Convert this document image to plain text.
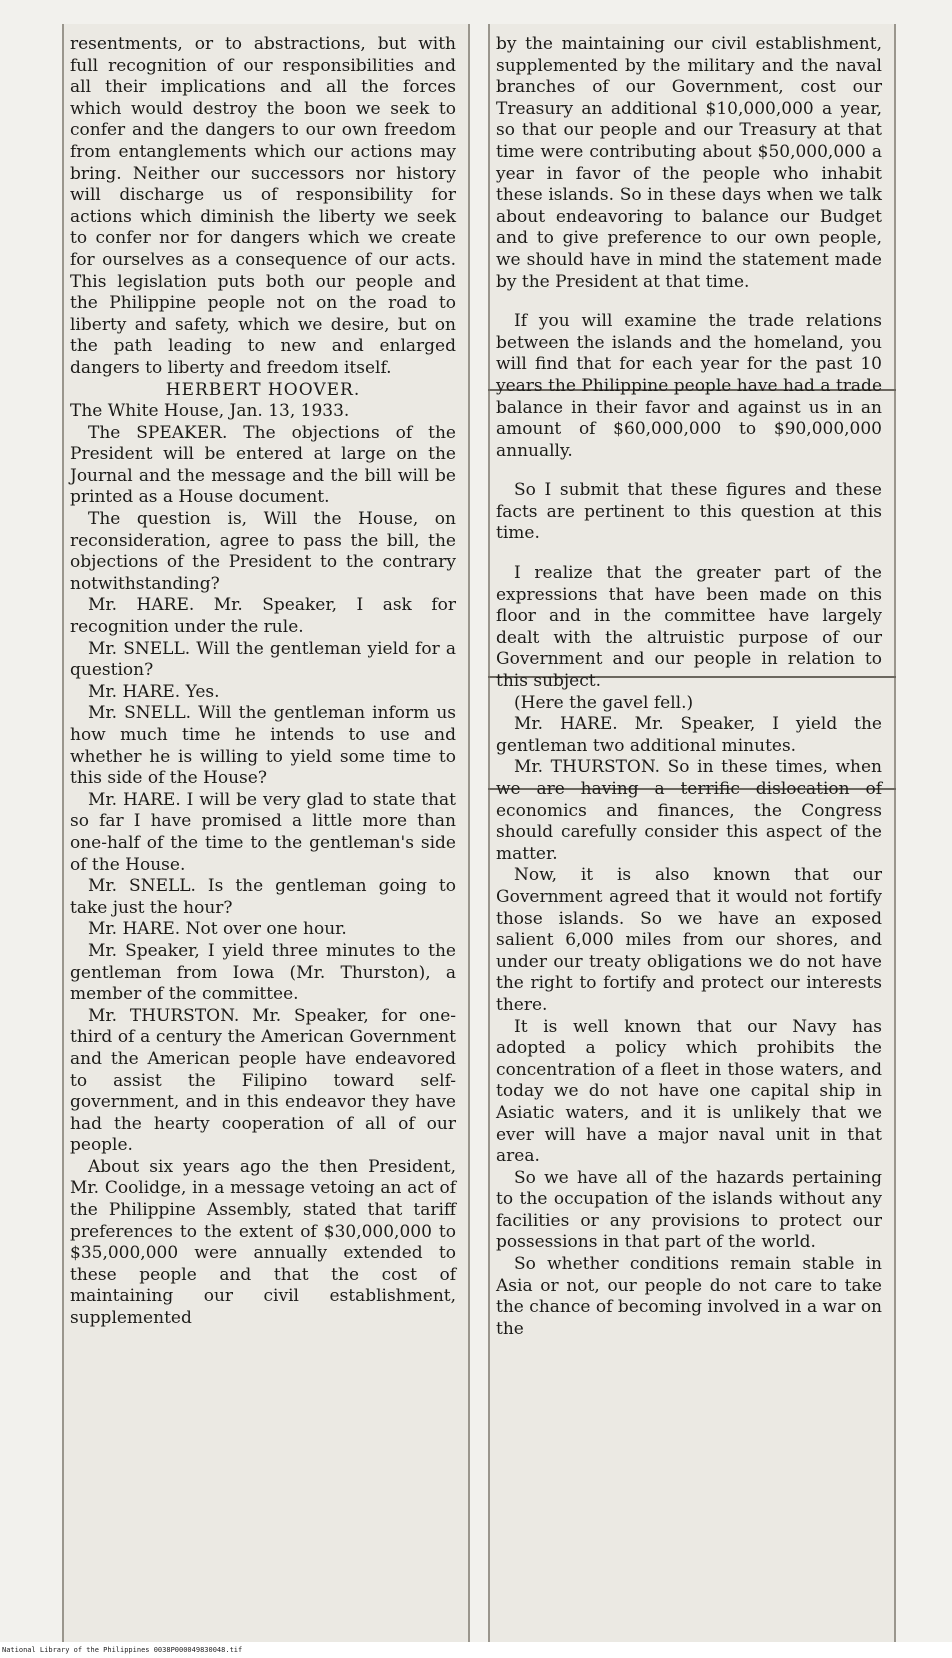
resentments, or to abstractions, but with full recognition of our responsibilities and all their implications and all the forces which would destroy the boon we seek to confer and the dangers to our own freedom from entanglements which our actions may bring. Neither our successors nor history will discharge us of responsibility for actions which diminish the liberty we seek to confer nor for dangers which we create for ourselves as a consequence of our acts. This legislation puts both our people and the Philippine people not on the road to liberty and safety, which we desire, but on the path leading to new and enlarged dangers to liberty and freedom itself.

HERBERT HOOVER.

The White House, Jan. 13, 1933.

The SPEAKER. The objections of the President will be entered at large on the Journal and the message and the bill will be printed as a House document.

The question is, Will the House, on reconsideration, agree to pass the bill, the objections of the President to the contrary notwithstanding?

Mr. HARE. Mr. Speaker, I ask for recognition under the rule.

Mr. SNELL. Will the gentleman yield for a question?

Mr. HARE. Yes.

Mr. SNELL. Will the gentleman inform us how much time he intends to use and whether he is willing to yield some time to this side of the House?

Mr. HARE. I will be very glad to state that so far I have promised a little more than one-half of the time to the gentleman's side of the House.

Mr. SNELL. Is the gentleman going to take just the hour?

Mr. HARE. Not over one hour.

Mr. Speaker, I yield three minutes to the gentleman from Iowa (Mr. Thurston), a member of the committee.

Mr. THURSTON. Mr. Speaker, for one-third of a century the American Government and the American people have endeavored to assist the Filipino toward self-government, and in this endeavor they have had the hearty cooperation of all of our people.

About six years ago the then President, Mr. Coolidge, in a message vetoing an act of the Philippine Assembly, stated that tariff preferences to the extent of $30,000,000 to $35,000,000 were annually extended to these people and that the cost of maintaining our civil establishment, supplemented

by the maintaining our civil establishment, supplemented by the military and the naval branches of our Government, cost our Treasury an additional $10,000,000 a year, so that our people and our Treasury at that time were contributing about $50,000,000 a year in favor of the people who inhabit these islands. So in these days when we talk about endeavoring to balance our Budget and to give preference to our own people, we should have in mind the statement made by the President at that time.

If you will examine the trade relations between the islands and the homeland, you will find that for each year for the past 10 years the Philippine people have had a trade balance in their favor and against us in an amount of $60,000,000 to $90,000,000 annually.

So I submit that these figures and these facts are pertinent to this question at this time.

I realize that the greater part of the expressions that have been made on this floor and in the committee have largely dealt with the altruistic purpose of our Government and our people in relation to this subject.

(Here the gavel fell.)

Mr. HARE. Mr. Speaker, I yield the gentleman two additional minutes.

Mr. THURSTON. So in these times, when we are having a terrific dislocation of economics and finances, the Congress should carefully consider this aspect of the matter.

Now, it is also known that our Government agreed that it would not fortify those islands. So we have an exposed salient 6,000 miles from our shores, and under our treaty obligations we do not have the right to fortify and protect our interests there.

It is well known that our Navy has adopted a policy which prohibits the concentration of a fleet in those waters, and today we do not have one capital ship in Asiatic waters, and it is unlikely that we ever will have a major naval unit in that area.

So we have all of the hazards pertaining to the occupation of the islands without any facilities or any provisions to protect our possessions in that part of the world.

So whether conditions remain stable in Asia or not, our people do not care to take the chance of becoming involved in a war on the

National Library of the Philippines 0038P000049830048.tif
